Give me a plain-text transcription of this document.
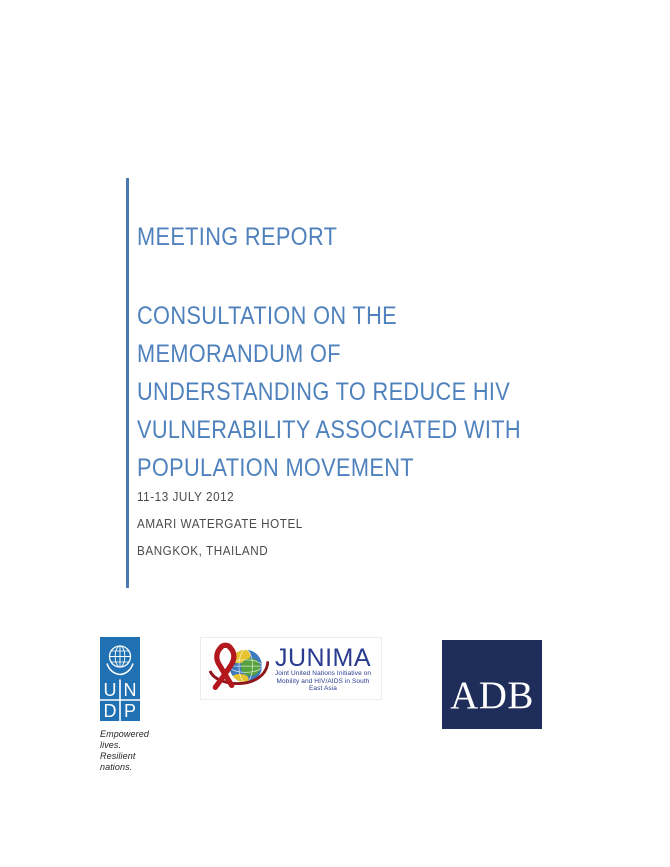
MEETING REPORT
CONSULTATION ON THE
MEMORANDUM OF
UNDERSTANDING TO REDUCE HIV
VULNERABILITY ASSOCIATED WITH
POPULATION MOVEMENT
11-13 JULY 2012
AMARI WATERGATE HOTEL
BANGKOK, THAILAND
U N
D P
Empowered lives.
Resilient nations.
JUNIMA
Joint United Nations Initiative on
Mobility and HIV/AIDS in South East Asia	ADB
